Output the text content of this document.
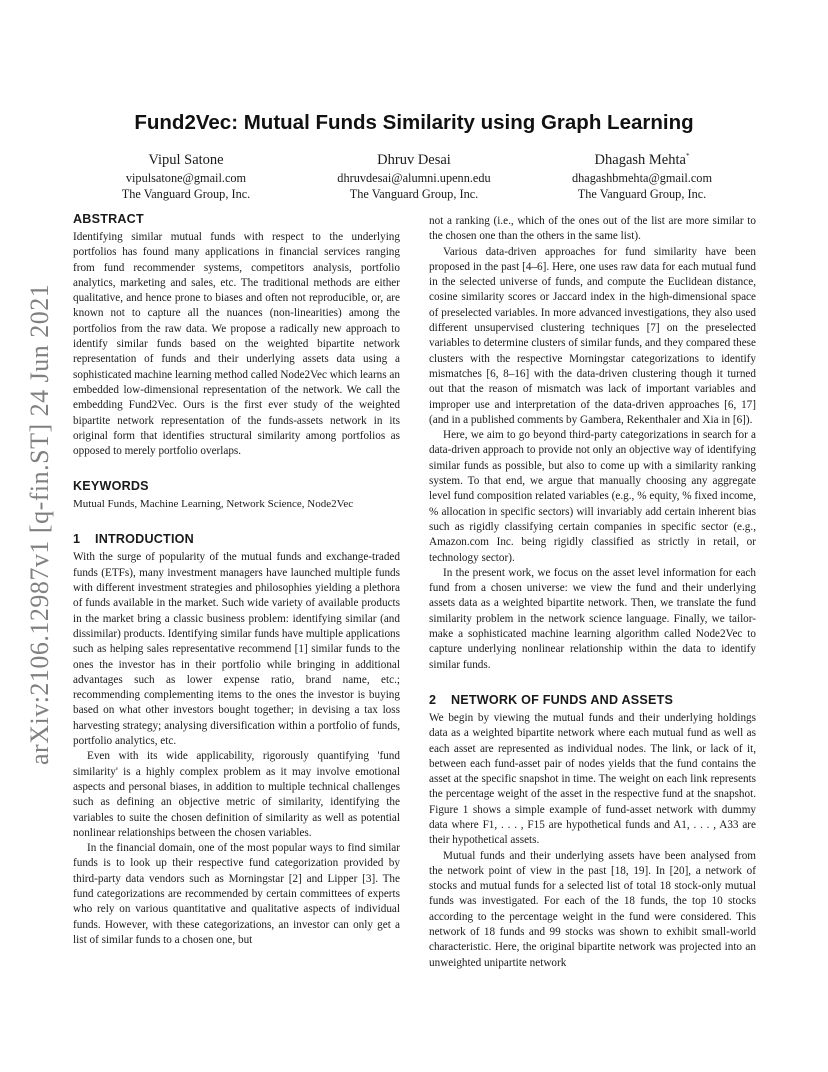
arXiv:2106.12987v1 [q-fin.ST] 24 Jun 2021
Fund2Vec: Mutual Funds Similarity using Graph Learning
Vipul Satone
vipulsatone@gmail.com
The Vanguard Group, Inc.
Dhruv Desai
dhruvdesai@alumni.upenn.edu
The Vanguard Group, Inc.
Dhagash Mehta*
dhagashbmehta@gmail.com
The Vanguard Group, Inc.
ABSTRACT

Identifying similar mutual funds with respect to the underlying portfolios has found many applications in financial services ranging from fund recommender systems, competitors analysis, portfolio analytics, marketing and sales, etc. The traditional methods are either qualitative, and hence prone to biases and often not reproducible, or, are known not to capture all the nuances (non-linearities) among the portfolios from the raw data. We propose a radically new approach to identify similar funds based on the weighted bipartite network representation of funds and their underlying assets data using a sophisticated machine learning method called Node2Vec which learns an embedded low-dimensional representation of the network. We call the embedding Fund2Vec. Ours is the first ever study of the weighted bipartite network representation of the funds-assets network in its original form that identifies structural similarity among portfolios as opposed to merely portfolio overlaps.

KEYWORDS

Mutual Funds, Machine Learning, Network Science, Node2Vec

1 INTRODUCTION

With the surge of popularity of the mutual funds and exchange-traded funds (ETFs), many investment managers have launched multiple funds with different investment strategies and philosophies yielding a plethora of funds available in the market. Such wide variety of available products in the market bring a classic business problem: identifying similar (and dissimilar) products. Identifying similar funds have multiple applications such as helping sales representative recommend [1] similar funds to the ones the investor has in their portfolio while bringing in additional advantages such as lower expense ratio, brand name, etc.; recommending complementing items to the ones the investor is buying based on what other investors bought together; in devising a tax loss harvesting strategy; analysing diversification within a portfolio of funds, portfolio analytics, etc.

Even with its wide applicability, rigorously quantifying 'fund similarity' is a highly complex problem as it may involve emotional aspects and personal biases, in addition to multiple technical challenges such as defining an objective metric of similarity, identifying the variables to suite the chosen definition of similarity as well as potential nonlinear relationships between the chosen variables.

In the financial domain, one of the most popular ways to find similar funds is to look up their respective fund categorization provided by third-party data vendors such as Morningstar [2] and Lipper [3]. The fund categorizations are recommended by certain committees of experts who rely on various quantitative and qualitative aspects of individual funds. However, with these categorizations, an investor can only get a list of similar funds to a chosen one, but

not a ranking (i.e., which of the ones out of the list are more similar to the chosen one than the others in the same list).

Various data-driven approaches for fund similarity have been proposed in the past [4–6]. Here, one uses raw data for each mutual fund in the selected universe of funds, and compute the Euclidean distance, cosine similarity scores or Jaccard index in the high-dimensional space of preselected variables. In more advanced investigations, they also used different unsupervised clustering techniques [7] on the preselected variables to determine clusters of similar funds, and they compared these clusters with the respective Morningstar categorizations to identify mismatches [6, 8–16] with the data-driven clustering though it turned out that the reason of mismatch was lack of important variables and improper use and interpretation of the data-driven approaches [6, 17] (and in a published comments by Gambera, Rekenthaler and Xia in [6]).

Here, we aim to go beyond third-party categorizations in search for a data-driven approach to provide not only an objective way of identifying similar funds as possible, but also to come up with a similarity ranking system. To that end, we argue that manually choosing any aggregate level fund composition related variables (e.g., % equity, % fixed income, % allocation in specific sectors) will invariably add certain inherent bias such as rigidly classifying certain companies in specific sector (e.g., Amazon.com Inc. being rigidly classified as strictly in retail, or technology sector).

In the present work, we focus on the asset level information for each fund from a chosen universe: we view the fund and their underlying assets data as a weighted bipartite network. Then, we translate the fund similarity problem in the network science language. Finally, we tailor-make a sophisticated machine learning algorithm called Node2Vec to capture underlying nonlinear relationship within the data to identify similar funds.

2 NETWORK OF FUNDS AND ASSETS

We begin by viewing the mutual funds and their underlying holdings data as a weighted bipartite network where each mutual fund as well as each asset are represented as individual nodes. The link, or lack of it, between each fund-asset pair of nodes yields that the fund contains the asset at the specific snapshot in time. The weight on each link represents the percentage weight of the asset in the respective fund at the snapshot. Figure 1 shows a simple example of fund-asset network with dummy data where F1, . . . , F15 are hypothetical funds and A1, . . . , A33 are their hypothetical assets.

Mutual funds and their underlying assets have been analysed from the network point of view in the past [18, 19]. In [20], a network of stocks and mutual funds for a selected list of total 18 stock-only mutual funds was investigated. For each of the 18 funds, the top 10 stocks according to the percentage weight in the fund were considered. This network of 18 funds and 99 stocks was shown to exhibit small-world characteristic. Here, the original bipartite network was projected into an unweighted unipartite network
